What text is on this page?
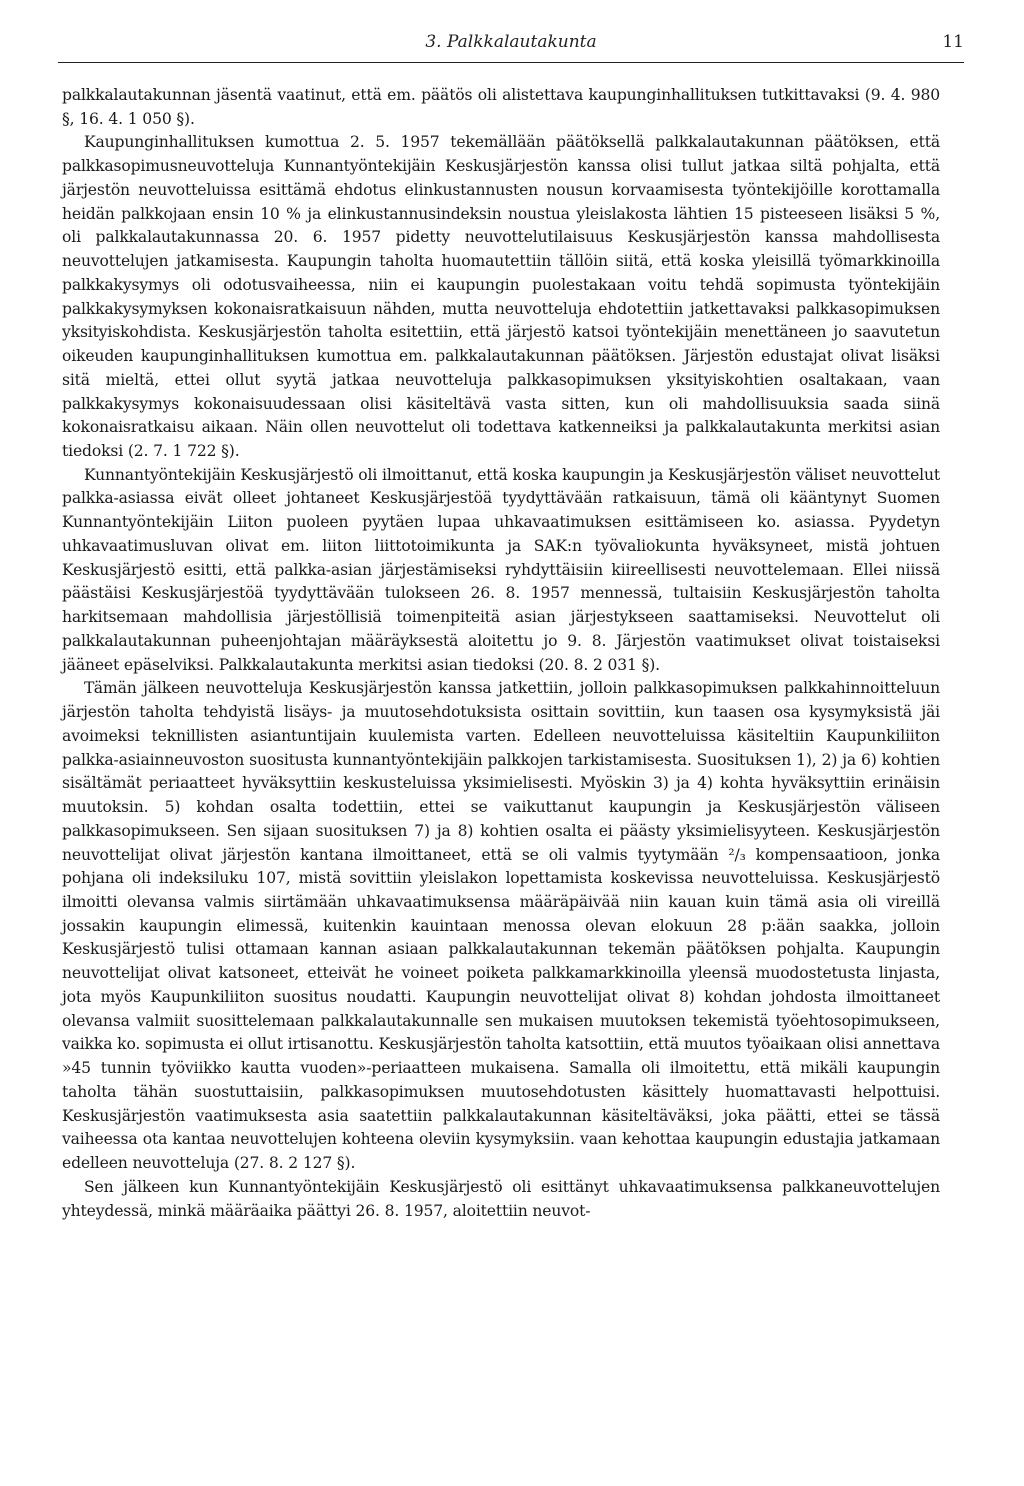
3. Palkkalautakunta	11

palkkalautakunnan jäsentä vaatinut, että em. päätös oli alistettava kaupunginhallituksen tutkittavaksi (9. 4. 980 §, 16. 4. 1 050 §).

Kaupunginhallituksen kumottua 2. 5. 1957 tekemällään päätöksellä palkkalautakunnan päätöksen, että palkkasopimusneuvotteluja Kunnantyöntekijäin Keskusjärjestön kanssa olisi tullut jatkaa siltä pohjalta, että järjestön neuvotteluissa esittämä ehdotus elinkustannusten nousun korvaamisesta työntekijöille korottamalla heidän palkkojaan ensin 10 % ja elinkustannusindeksin noustua yleislakosta lähtien 15 pisteeseen lisäksi 5 %, oli palkkalautakunnassa 20. 6. 1957 pidetty neuvottelutilaisuus Keskusjärjestön kanssa mahdollisesta neuvottelujen jatkamisesta. Kaupungin taholta huomautettiin tällöin siitä, että koska yleisillä työmarkkinoilla palkkakysymys oli odotusvaiheessa, niin ei kaupungin puolestakaan voitu tehdä sopimusta työntekijäin palkkakysymyksen kokonaisratkaisuun nähden, mutta neuvotteluja ehdotettiin jatkettavaksi palkkasopimuksen yksityiskohdista. Keskusjärjestön taholta esitettiin, että järjestö katsoi työntekijäin menettäneen jo saavutetun oikeuden kaupunginhallituksen kumottua em. palkkalautakunnan päätöksen. Järjestön edustajat olivat lisäksi sitä mieltä, ettei ollut syytä jatkaa neuvotteluja palkkasopimuksen yksityiskohtien osaltakaan, vaan palkkakysymys kokonaisuudessaan olisi käsiteltävä vasta sitten, kun oli mahdollisuuksia saada siinä kokonaisratkaisu aikaan. Näin ollen neuvottelut oli todettava katkenneiksi ja palkkalautakunta merkitsi asian tiedoksi (2. 7. 1 722 §).

Kunnantyöntekijäin Keskusjärjestö oli ilmoittanut, että koska kaupungin ja Keskusjärjestön väliset neuvottelut palkka-asiassa eivät olleet johtaneet Keskusjärjestöä tyydyttävään ratkaisuun, tämä oli kääntynyt Suomen Kunnantyöntekijäin Liiton puoleen pyytäen lupaa uhkavaatimuksen esittämiseen ko. asiassa. Pyydetyn uhkavaatimusluvan olivat em. liiton liittotoimikunta ja SAK:n työvaliokunta hyväksyneet, mistä johtuen Keskusjärjestö esitti, että palkka-asian järjestämiseksi ryhdyttäisiin kiireellisesti neuvottelemaan. Ellei niissä päästäisi Keskusjärjestöä tyydyttävään tulokseen 26. 8. 1957 mennessä, tultaisiin Keskusjärjestön taholta harkitsemaan mahdollisia järjestöllisiä toimenpiteitä asian järjestykseen saattamiseksi. Neuvottelut oli palkkalautakunnan puheenjohtajan määräyksestä aloitettu jo 9. 8. Järjestön vaatimukset olivat toistaiseksi jääneet epäselviksi. Palkkalautakunta merkitsi asian tiedoksi (20. 8. 2 031 §).

Tämän jälkeen neuvotteluja Keskusjärjestön kanssa jatkettiin, jolloin palkkasopimuksen palkkahinnoitteluun järjestön taholta tehdyistä lisäys- ja muutosehdotuksista osittain sovittiin, kun taasen osa kysymyksistä jäi avoimeksi teknillisten asiantuntijain kuulemista varten. Edelleen neuvotteluissa käsiteltiin Kaupunkiliiton palkka-asiainneuvoston suositusta kunnantyöntekijäin palkkojen tarkistamisesta. Suosituksen 1), 2) ja 6) kohtien sisältämät periaatteet hyväksyttiin keskusteluissa yksimielisesti. Myöskin 3) ja 4) kohta hyväksyttiin erinäisin muutoksin. 5) kohdan osalta todettiin, ettei se vaikuttanut kaupungin ja Keskusjärjestön väliseen palkkasopimukseen. Sen sijaan suosituksen 7) ja 8) kohtien osalta ei päästy yksimielisyyteen. Keskusjärjestön neuvottelijat olivat järjestön kantana ilmoittaneet, että se oli valmis tyytymään ²/₃ kompensaatioon, jonka pohjana oli indeksiluku 107, mistä sovittiin yleislakon lopettamista koskevissa neuvotteluissa. Keskusjärjestö ilmoitti olevansa valmis siirtämään uhkavaatimuksensa määräpäivää niin kauan kuin tämä asia oli vireillä jossakin kaupungin elimessä, kuitenkin kauintaan menossa olevan elokuun 28 p:ään saakka, jolloin Keskusjärjestö tulisi ottamaan kannan asiaan palkkalautakunnan tekemän päätöksen pohjalta. Kaupungin neuvottelijat olivat katsoneet, etteivät he voineet poiketa palkkamarkkinoilla yleensä muodostetusta linjasta, jota myös Kaupunkiliiton suositus noudatti. Kaupungin neuvottelijat olivat 8) kohdan johdosta ilmoittaneet olevansa valmiit suosittelemaan palkkalautakunnalle sen mukaisen muutoksen tekemistä työehtosopimukseen, vaikka ko. sopimusta ei ollut irtisanottu. Keskusjärjestön taholta katsottiin, että muutos työaikaan olisi annettava »45 tunnin työviikko kautta vuoden»-periaatteen mukaisena. Samalla oli ilmoitettu, että mikäli kaupungin taholta tähän suostuttaisiin, palkkasopimuksen muutosehdotusten käsittely huomattavasti helpottuisi. Keskusjärjestön vaatimuksesta asia saatettiin palkkalautakunnan käsiteltäväksi, joka päätti, ettei se tässä vaiheessa ota kantaa neuvottelujen kohteena oleviin kysymyksiin. vaan kehottaa kaupungin edustajia jatkamaan edelleen neuvotteluja (27. 8. 2 127 §).

Sen jälkeen kun Kunnantyöntekijäin Keskusjärjestö oli esittänyt uhkavaatimuksensa palkkaneuvottelujen yhteydessä, minkä määräaika päättyi 26. 8. 1957, aloitettiin neuvot-
